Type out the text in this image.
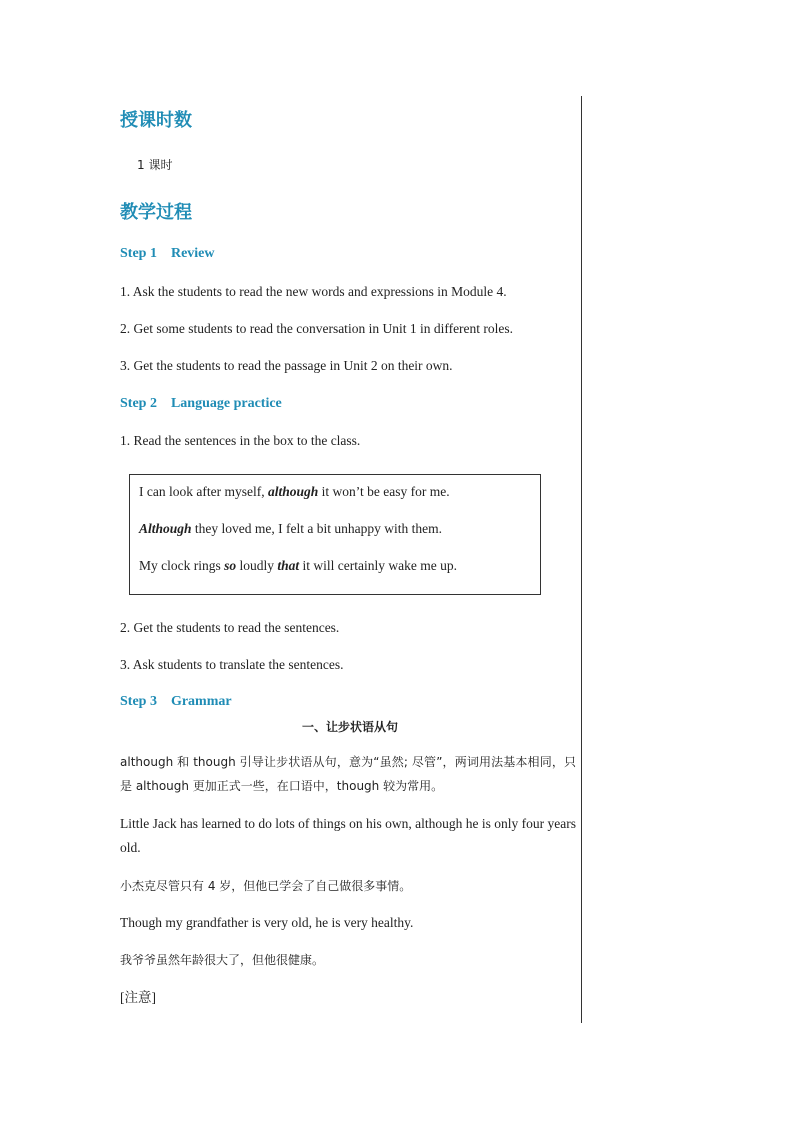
授课时数
1 课时
教学过程
Step 1 Review
1. Ask the students to read the new words and expressions in Module 4.
2. Get some students to read the conversation in Unit 1 in different roles.
3. Get the students to read the passage in Unit 2 on their own.
Step 2 Language practice
1. Read the sentences in the box to the class.
I can look after myself, although it won’t be easy for me.
Although they loved me, I felt a bit unhappy with them.
My clock rings so loudly that it will certainly wake me up.
2. Get the students to read the sentences.
3. Ask students to translate the sentences.
Step 3 Grammar
一、让步状语从句
although 和 though 引导让步状语从句，意为“虽然; 尽管”，两词用法基本相同，只是 although 更加正式一些，在口语中，though 较为常用。
Little Jack has learned to do lots of things on his own, although he is only four years old.
小杰克尽管只有 4 岁，但他已学会了自己做很多事情。
Though my grandfather is very old, he is very healthy.
我爷爷虽然年龄很大了，但他很健康。
[注意]
